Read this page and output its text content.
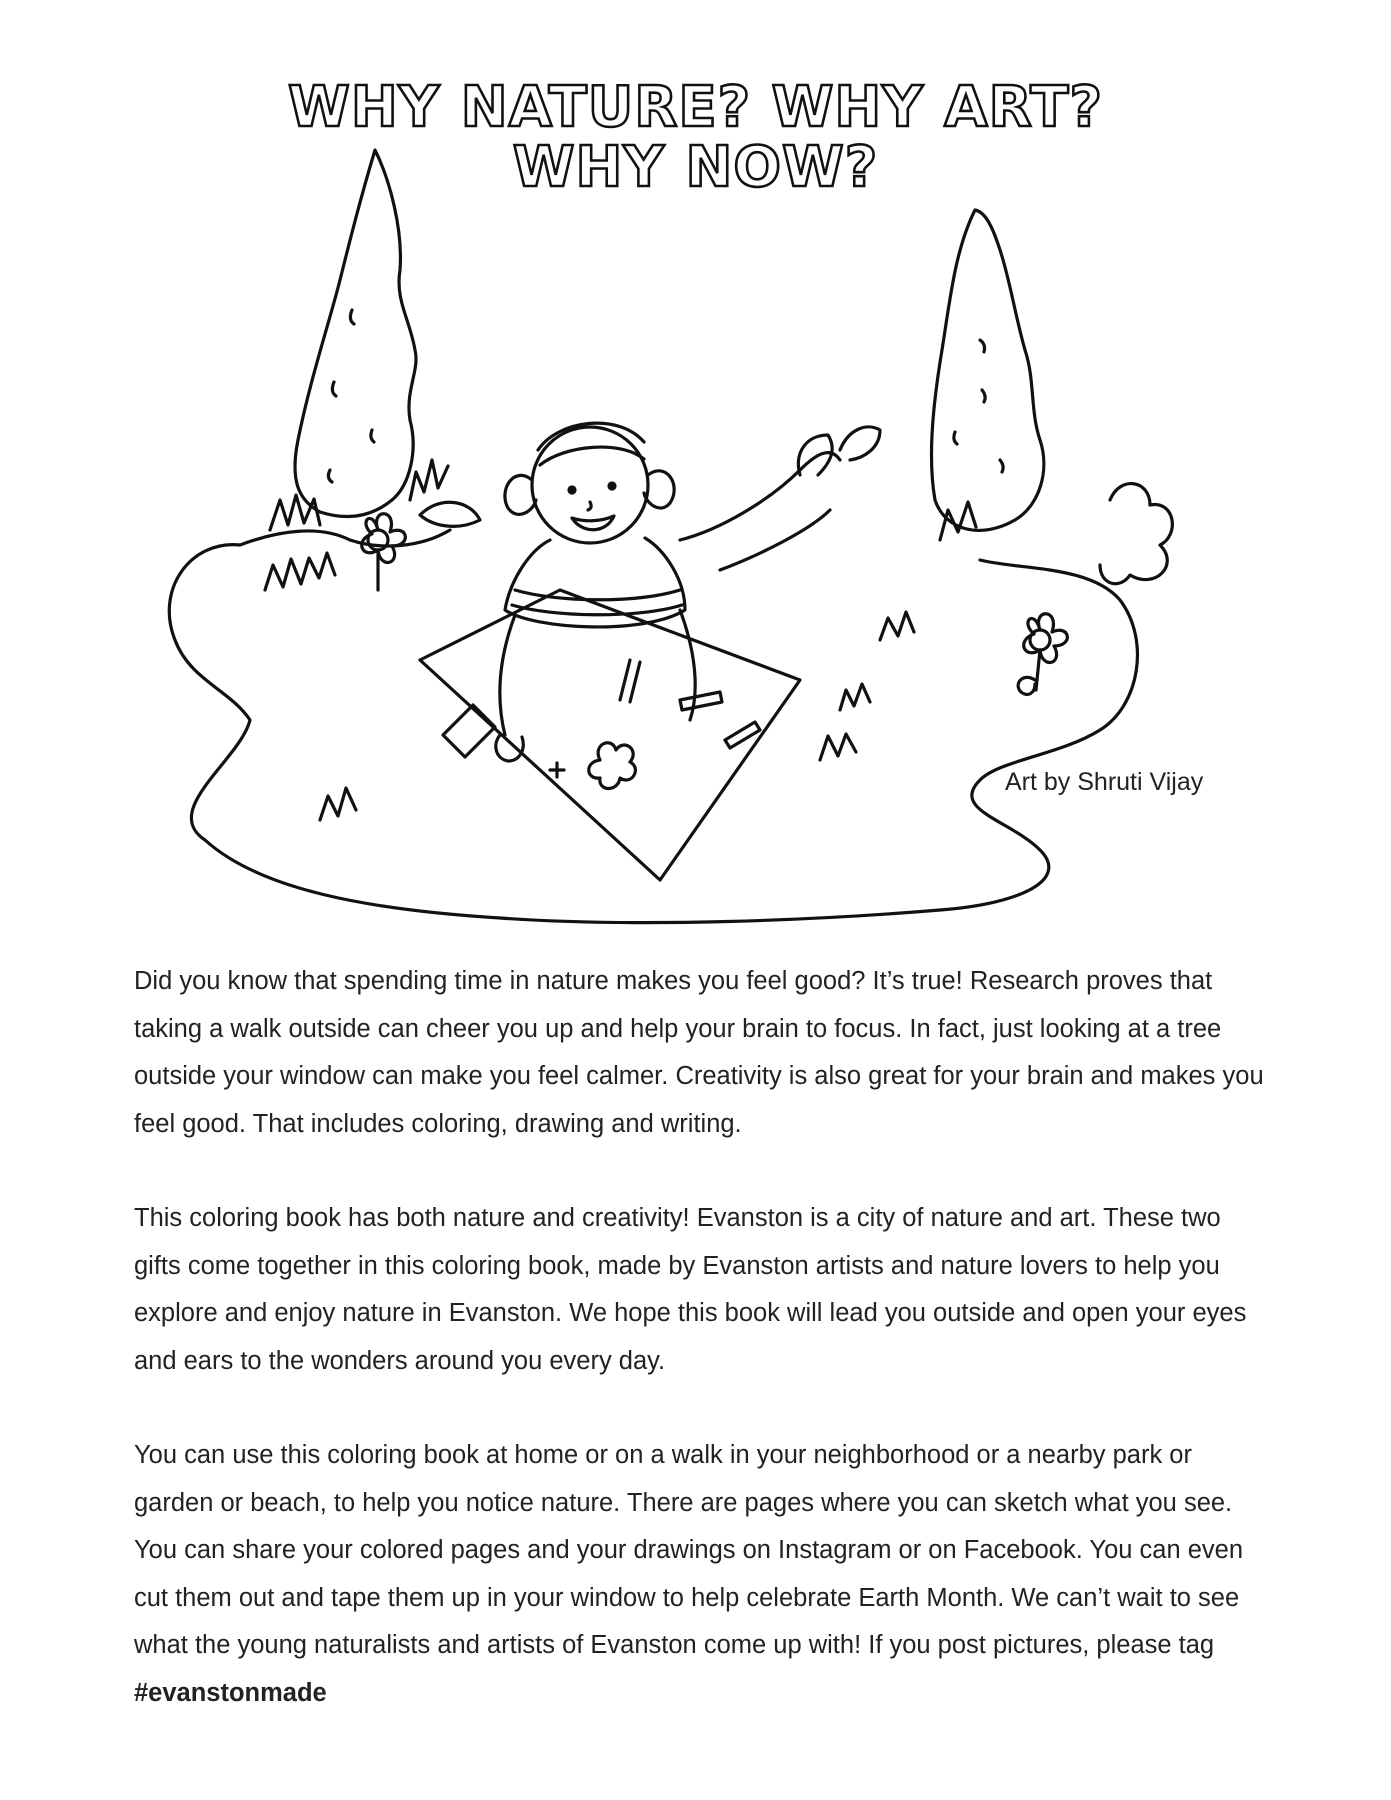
WHY NATURE? WHY ART?
WHY NOW?
Art by Shruti Vijay

Did you know that spending time in nature makes you feel good? It’s true! Research proves that taking a walk outside can cheer you up and help your brain to focus. In fact, just looking at a tree outside your window can make you feel calmer. Creativity is also great for your brain and makes you feel good. That includes coloring, drawing and writing.

This coloring book has both nature and creativity! Evanston is a city of nature and art. These two gifts come together in this coloring book, made by Evanston artists and nature lovers to help you explore and enjoy nature in Evanston. We hope this book will lead you outside and open your eyes and ears to the wonders around you every day.

You can use this coloring book at home or on a walk in your neighborhood or a nearby park or garden or beach, to help you notice nature. There are pages where you can sketch what you see. You can share your colored pages and your drawings on Instagram or on Facebook. You can even cut them out and tape them up in your window to help celebrate Earth Month. We can’t wait to see what the young naturalists and artists of Evanston come up with! If you post pictures, please tag #evanstonmade
